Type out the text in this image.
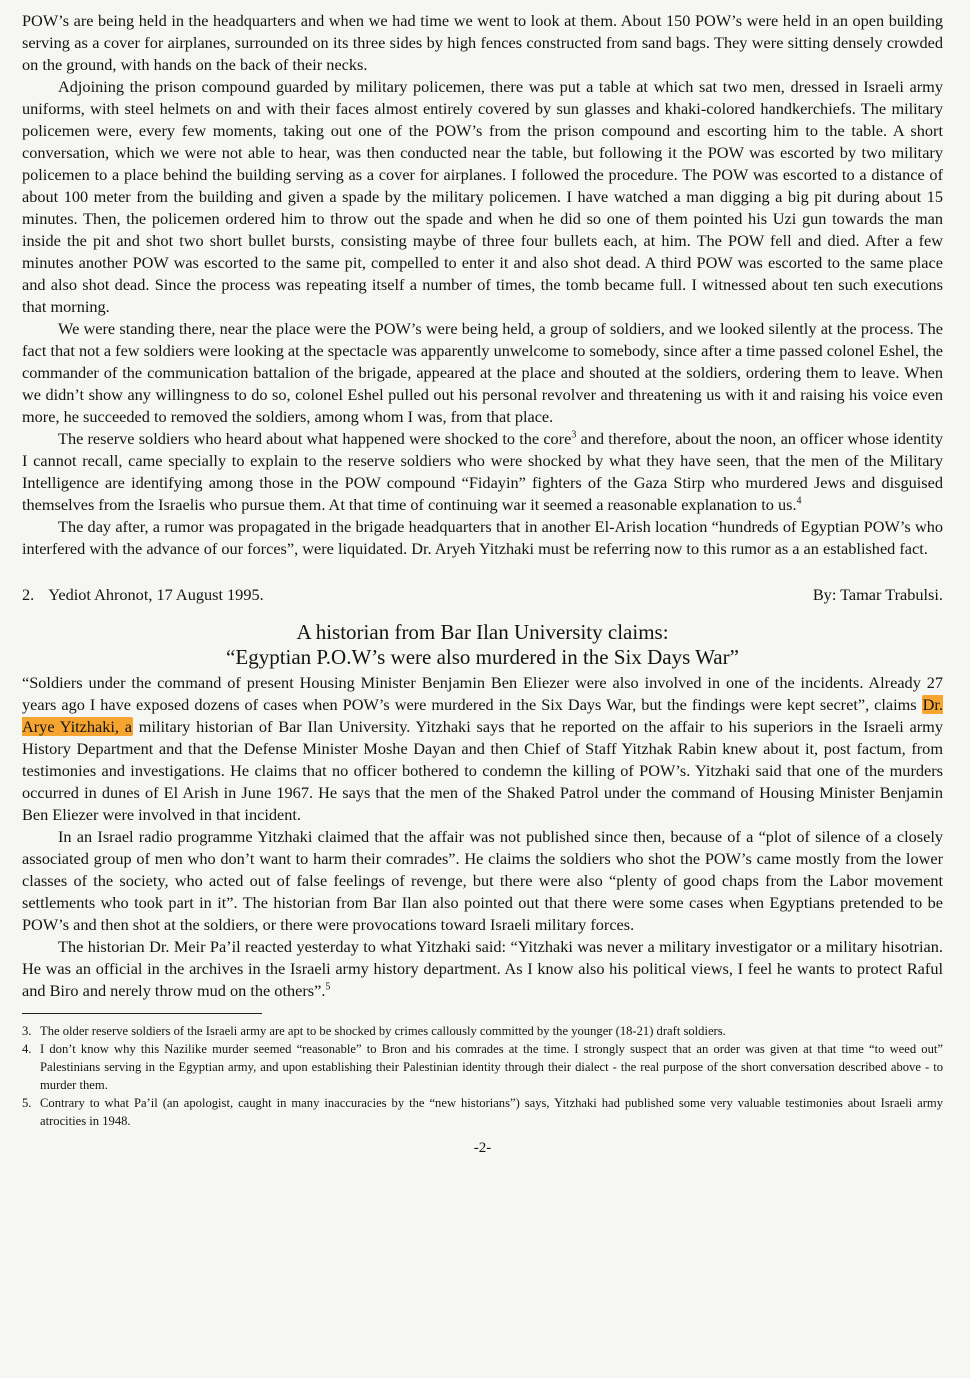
POW’s are being held in the headquarters and when we had time we went to look at them. About 150 POW’s were held in an open building serving as a cover for airplanes, surrounded on its three sides by high fences constructed from sand bags. They were sitting densely crowded on the ground, with hands on the back of their necks.

Adjoining the prison compound guarded by military policemen, there was put a table at which sat two men, dressed in Israeli army uniforms, with steel helmets on and with their faces almost entirely covered by sun glasses and khaki-colored handkerchiefs. The military policemen were, every few moments, taking out one of the POW’s from the prison compound and escorting him to the table. A short conversation, which we were not able to hear, was then conducted near the table, but following it the POW was escorted by two military policemen to a place behind the building serving as a cover for airplanes. I followed the procedure. The POW was escorted to a distance of about 100 meter from the building and given a spade by the military policemen. I have watched a man digging a big pit during about 15 minutes. Then, the policemen ordered him to throw out the spade and when he did so one of them pointed his Uzi gun towards the man inside the pit and shot two short bullet bursts, consisting maybe of three four bullets each, at him. The POW fell and died. After a few minutes another POW was escorted to the same pit, compelled to enter it and also shot dead. A third POW was escorted to the same place and also shot dead. Since the process was repeating itself a number of times, the tomb became full. I witnessed about ten such executions that morning.

We were standing there, near the place were the POW’s were being held, a group of soldiers, and we looked silently at the process. The fact that not a few soldiers were looking at the spectacle was apparently unwelcome to somebody, since after a time passed colonel Eshel, the commander of the communication battalion of the brigade, appeared at the place and shouted at the soldiers, ordering them to leave. When we didn’t show any willingness to do so, colonel Eshel pulled out his personal revolver and threatening us with it and raising his voice even more, he succeeded to removed the soldiers, among whom I was, from that place.

The reserve soldiers who heard about what happened were shocked to the core$^3$ and therefore, about the noon, an officer whose identity I cannot recall, came specially to explain to the reserve soldiers who were shocked by what they have seen, that the men of the Military Intelligence are identifying among those in the POW compound “Fidayin” fighters of the Gaza Stirp who murdered Jews and disguised themselves from the Israelis who pursue them. At that time of continuing war it seemed a reasonable explanation to us.$^4$

The day after, a rumor was propagated in the brigade headquarters that in another El-Arish location “hundreds of Egyptian POW’s who interfered with the advance of our forces”, were liquidated. Dr. Aryeh Yitzhaki must be referring now to this rumor as a an established fact.

2. Yediot Ahronot, 17 August 1995.	By: Tamar Trabulsi.
A historian from Bar Ilan University claims:
“Egyptian P.O.W’s were also murdered in the Six Days War”

“Soldiers under the command of present Housing Minister Benjamin Ben Eliezer were also involved in one of the incidents. Already 27 years ago I have exposed dozens of cases when POW’s were murdered in the Six Days War, but the findings were kept secret”, claims Dr. Arye Yitzhaki, a military historian of Bar Ilan University. Yitzhaki says that he reported on the affair to his superiors in the Israeli army History Department and that the Defense Minister Moshe Dayan and then Chief of Staff Yitzhak Rabin knew about it, post factum, from testimonies and investigations. He claims that no officer bothered to condemn the killing of POW’s. Yitzhaki said that one of the murders occurred in dunes of El Arish in June 1967. He says that the men of the Shaked Patrol under the command of Housing Minister Benjamin Ben Eliezer were involved in that incident.

In an Israel radio programme Yitzhaki claimed that the affair was not published since then, because of a “plot of silence of a closely associated group of men who don’t want to harm their comrades”. He claims the soldiers who shot the POW’s came mostly from the lower classes of the society, who acted out of false feelings of revenge, but there were also “plenty of good chaps from the Labor movement settlements who took part in it”. The historian from Bar Ilan also pointed out that there were some cases when Egyptians pretended to be POW’s and then shot at the soldiers, or there were provocations toward Israeli military forces.

The historian Dr. Meir Pa’il reacted yesterday to what Yitzhaki said: “Yitzhaki was never a military investigator or a military hisotrian. He was an official in the archives in the Israeli army history department. As I know also his political views, I feel he wants to protect Raful and Biro and nerely throw mud on the others”.$^5$

3. The older reserve soldiers of the Israeli army are apt to be shocked by crimes callously committed by the younger (18-21) draft soldiers.
4. I don’t know why this Nazilike murder seemed “reasonable” to Bron and his comrades at the time. I strongly suspect that an order was given at that time “to weed out” Palestinians serving in the Egyptian army, and upon establishing their Palestinian identity through their dialect - the real purpose of the short conversation described above - to murder them.
5. Contrary to what Pa’il (an apologist, caught in many inaccuracies by the “new historians”) says, Yitzhaki had published some very valuable testimonies about Israeli army atrocities in 1948.
-2-
